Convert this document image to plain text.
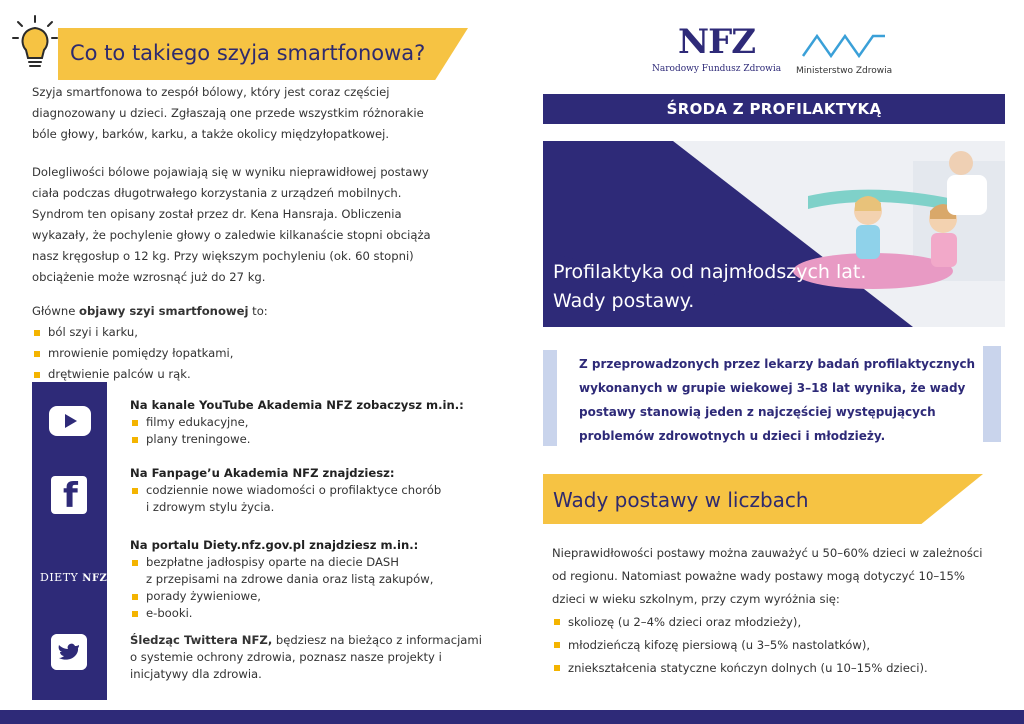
Co to takiego szyja smartfonowa?
Szyja smartfonowa to zespół bólowy, który jest coraz częściej diagnozowany u dzieci. Zgłaszają one przede wszystkim różnorakie bóle głowy, barków, karku, a także okolicy międzyłopatkowej.
Dolegliwości bólowe pojawiają się w wyniku nieprawidłowej postawy ciała podczas długotrwałego korzystania z urządzeń mobilnych. Syndrom ten opisany został przez dr. Kena Hansraja. Obliczenia wykazały, że pochylenie głowy o zaledwie kilkanaście stopni obciąża nasz kręgosłup o 12 kg. Przy większym pochyleniu (ok. 60 stopni) obciążenie może wzrosnąć już do 27 kg.
Główne objawy szyi smartfonowej to:
ból szyi i karku,
mrowienie pomiędzy łopatkami,
drętwienie palców u rąk.
f
DIETY NFZ
Na kanale YouTube Akademia NFZ zobaczysz m.in.:
filmy edukacyjne,
plany treningowe.
Na Fanpage’u Akademia NFZ znajdziesz:
codziennie nowe wiadomości o profilaktyce chorób
i zdrowym stylu życia.
Na portalu Diety.nfz.gov.pl znajdziesz m.in.:
bezpłatne jadłospisy oparte na diecie DASH
z przepisami na zdrowe dania oraz listą zakupów,
porady żywieniowe,
e-booki.
Śledząc Twittera NFZ, będziesz na bieżąco z informacjami o systemie ochrony zdrowia, poznasz nasze projekty i inicjatywy dla zdrowia.
NFZ
Narodowy Fundusz Zdrowia Ministerstwo Zdrowia
ŚRODA Z PROFILAKTYKĄ
Profilaktyka od najmłodszych lat.
Wady postawy.
Z przeprowadzonych przez lekarzy badań profilaktycznych wykonanych w grupie wiekowej 3–18 lat wynika, że wady postawy stanowią jeden z najczęściej występujących problemów zdrowotnych u dzieci i młodzieży.
Wady postawy w liczbach
Nieprawidłowości postawy można zauważyć u 50–60% dzieci w zależności od regionu. Natomiast poważne wady postawy mogą dotyczyć 10–15% dzieci w wieku szkolnym, przy czym wyróżnia się:
skoliozę (u 2–4% dzieci oraz młodzieży),
młodzieńczą kifozę piersiową (u 3–5% nastolatków),
zniekształcenia statyczne kończyn dolnych (u 10–15% dzieci).
